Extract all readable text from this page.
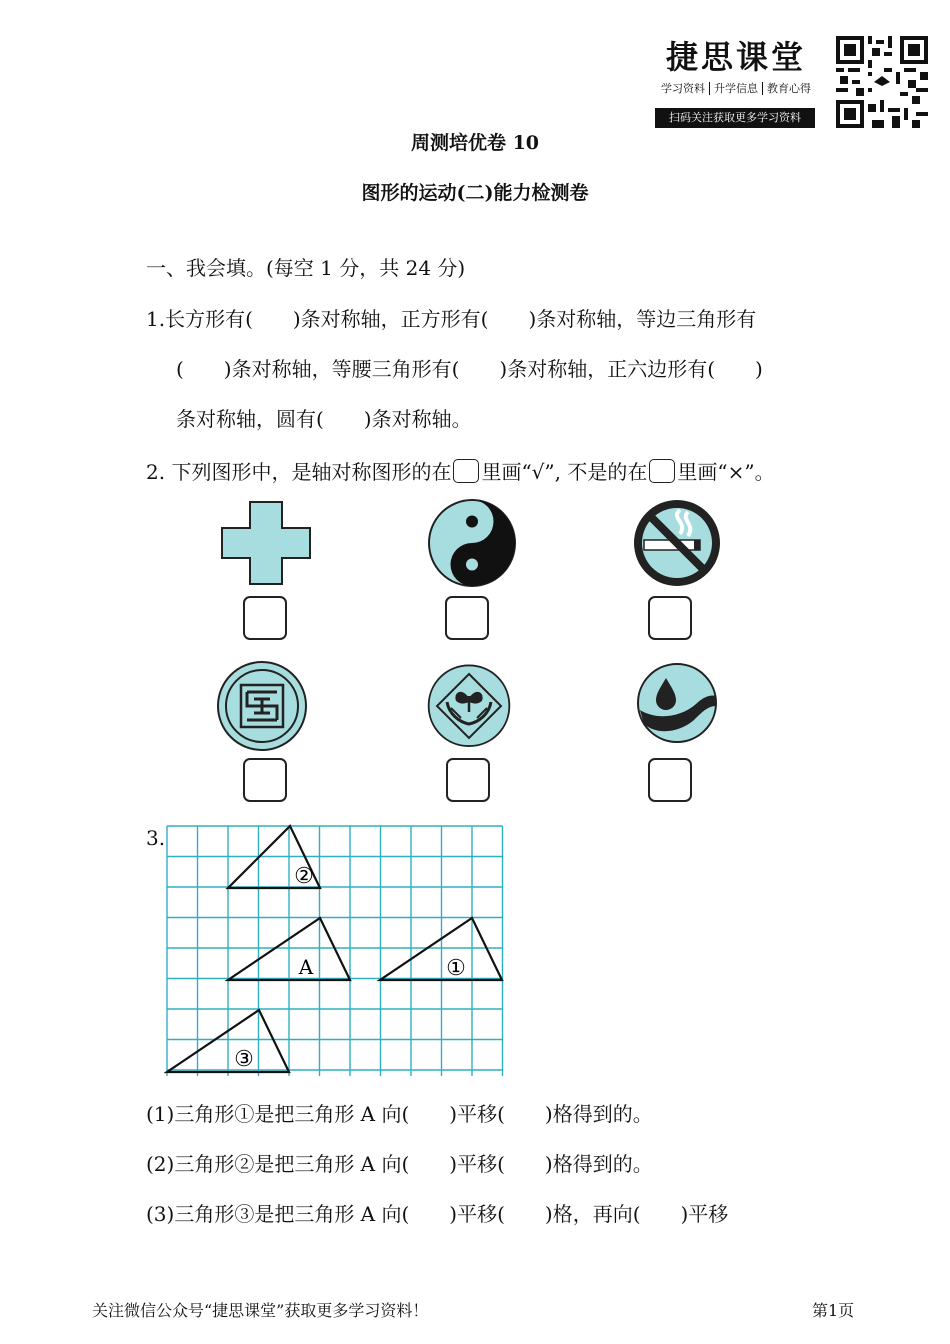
捷思课堂
学习资料 升学信息 教育心得
扫码关注获取更多学习资料
周测培优卷 10
图形的运动(二)能力检测卷
一、我会填。(每空 1 分，共 24 分)
1.长方形有(　　)条对称轴，正方形有(　　)条对称轴，等边三角形有
(　　)条对称轴，等腰三角形有(　　)条对称轴，正六边形有(　　)
条对称轴，圆有(　　)条对称轴。
2. 下列图形中，是轴对称图形的在 里画“√”, 不是的在 里画“×”。
3.
②
A	①
③
(1)三角形①是把三角形 A 向(　　)平移(　　)格得到的。
(2)三角形②是把三角形 A 向(　　)平移(　　)格得到的。
(3)三角形③是把三角形 A 向(　　)平移(　　)格，再向(　　)平移
关注微信公众号“捷思课堂”获取更多学习资料！	第1页
